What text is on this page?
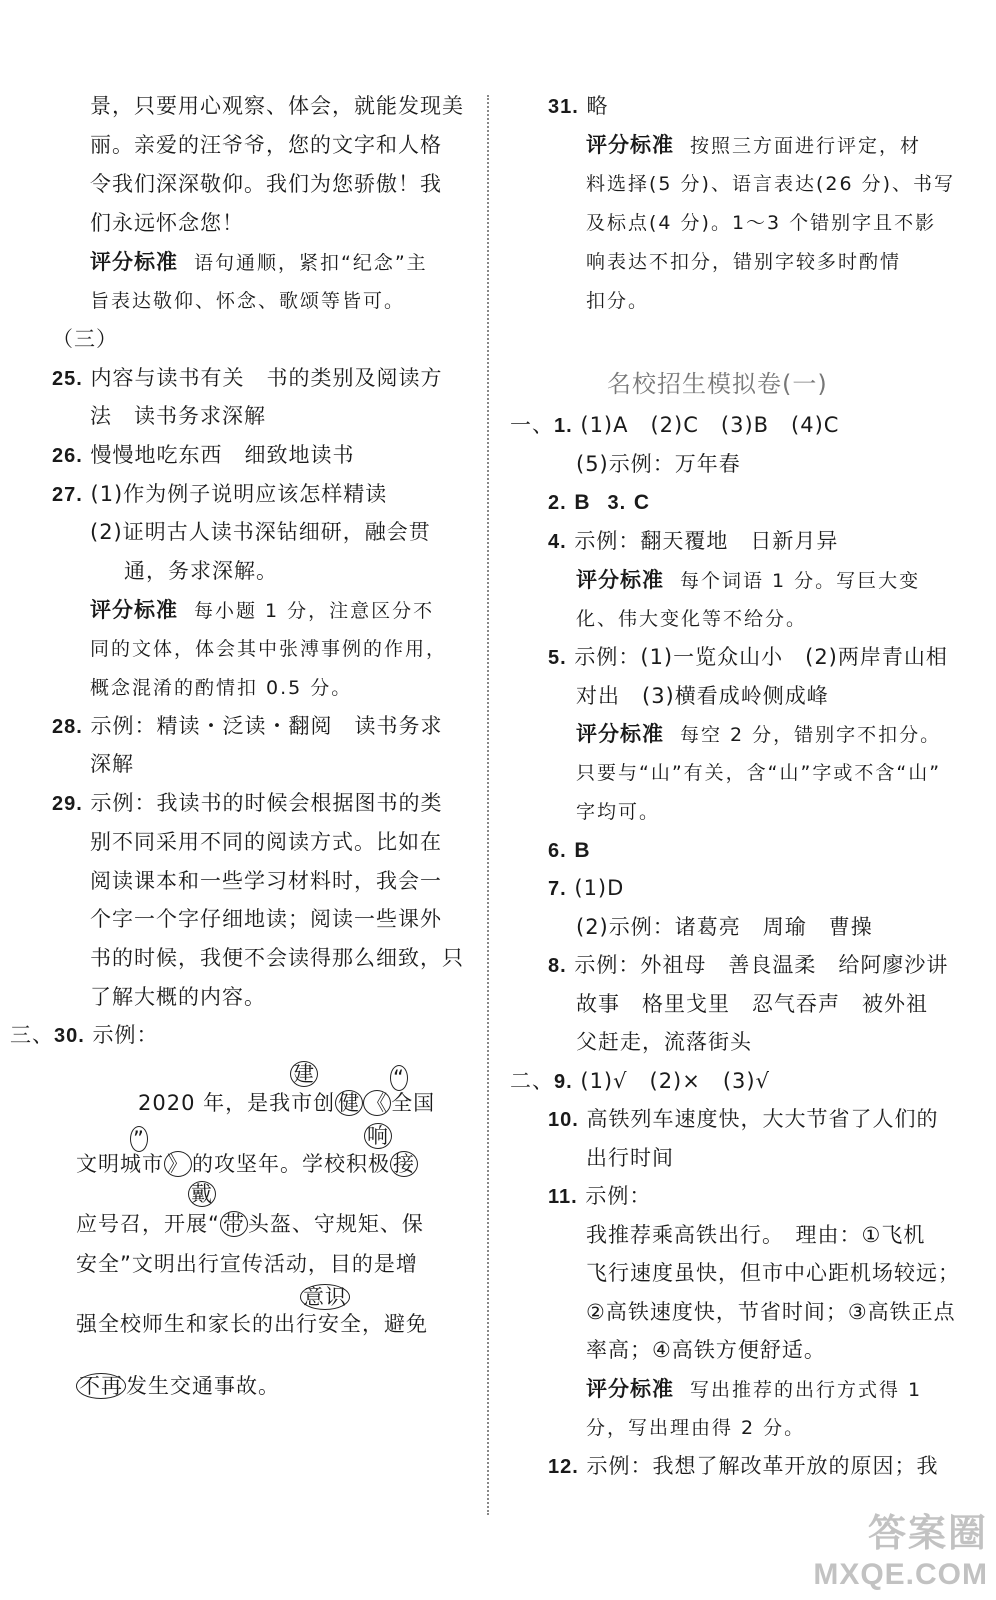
景，只要用心观察、体会，就能发现美
丽。亲爱的汪爷爷，您的文字和人格
令我们深深敬仰。我们为您骄傲！我
们永远怀念您！
评分标准 语句通顺，紧扣“纪念”主
旨表达敬仰、怀念、歌颂等皆可。
（三）
25. 内容与读书有关　书的类别及阅读方
法　读书务求深解
26. 慢慢地吃东西　细致地读书
27. (1)作为例子说明应该怎样精读
(2)证明古人读书深钻细研，融会贯
通，务求深解。
评分标准 每小题 1 分，注意区分不
同的文体，体会其中张溥事例的作用，
概念混淆的酌情扣 0.5 分。
28. 示例：精读・泛读・翻阅　读书务求
深解
29. 示例：我读书的时候会根据图书的类
别不同采用不同的阅读方式。比如在
阅读课本和一些学习材料时，我会一
个字一个字仔细地读；阅读一些课外
书的时候，我便不会读得那么细致，只
了解大概的内容。
三、30. 示例：
建	“
2020 年，是我市创 健 《 全国
”	响
文明城市 》 的攻坚年。学校积极 接
戴
应号召，开展“ 带 头盔、守规矩、保
安全”文明出行宣传活动，目的是增
意识
强全校师生和家长的出行安全，避免
不再 发生交通事故。
31. 略
评分标准 按照三方面进行评定，材
料选择(5 分)、语言表达(26 分)、书写
及标点(4 分)。1～3 个错别字且不影
响表达不扣分，错别字较多时酌情
扣分。
名校招生模拟卷(一)
一、1. (1)A　(2)C　(3)B　(4)C
(5)示例：万年春
2. B 3. C
4. 示例：翻天覆地　日新月异
评分标准 每个词语 1 分。写巨大变
化、伟大变化等不给分。
5. 示例：(1)一览众山小　(2)两岸青山相
对出　(3)横看成岭侧成峰
评分标准 每空 2 分，错别字不扣分。
只要与“山”有关，含“山”字或不含“山”
字均可。
6. B
7. (1)D
(2)示例：诸葛亮　周瑜　曹操
8. 示例：外祖母　善良温柔　给阿廖沙讲
故事　格里戈里　忍气吞声　被外祖
父赶走，流落街头
二、9. (1)√　(2)×　(3)√
10. 高铁列车速度快，大大节省了人们的
出行时间
11. 示例：
我推荐乘高铁出行。　理由：①飞机
飞行速度虽快，但市中心距机场较远；
②高铁速度快，节省时间；③高铁正点
率高；④高铁方便舒适。
评分标准 写出推荐的出行方式得 1
分，写出理由得 2 分。
12. 示例：我想了解改革开放的原因；我
答案圈
MXQE.COM
